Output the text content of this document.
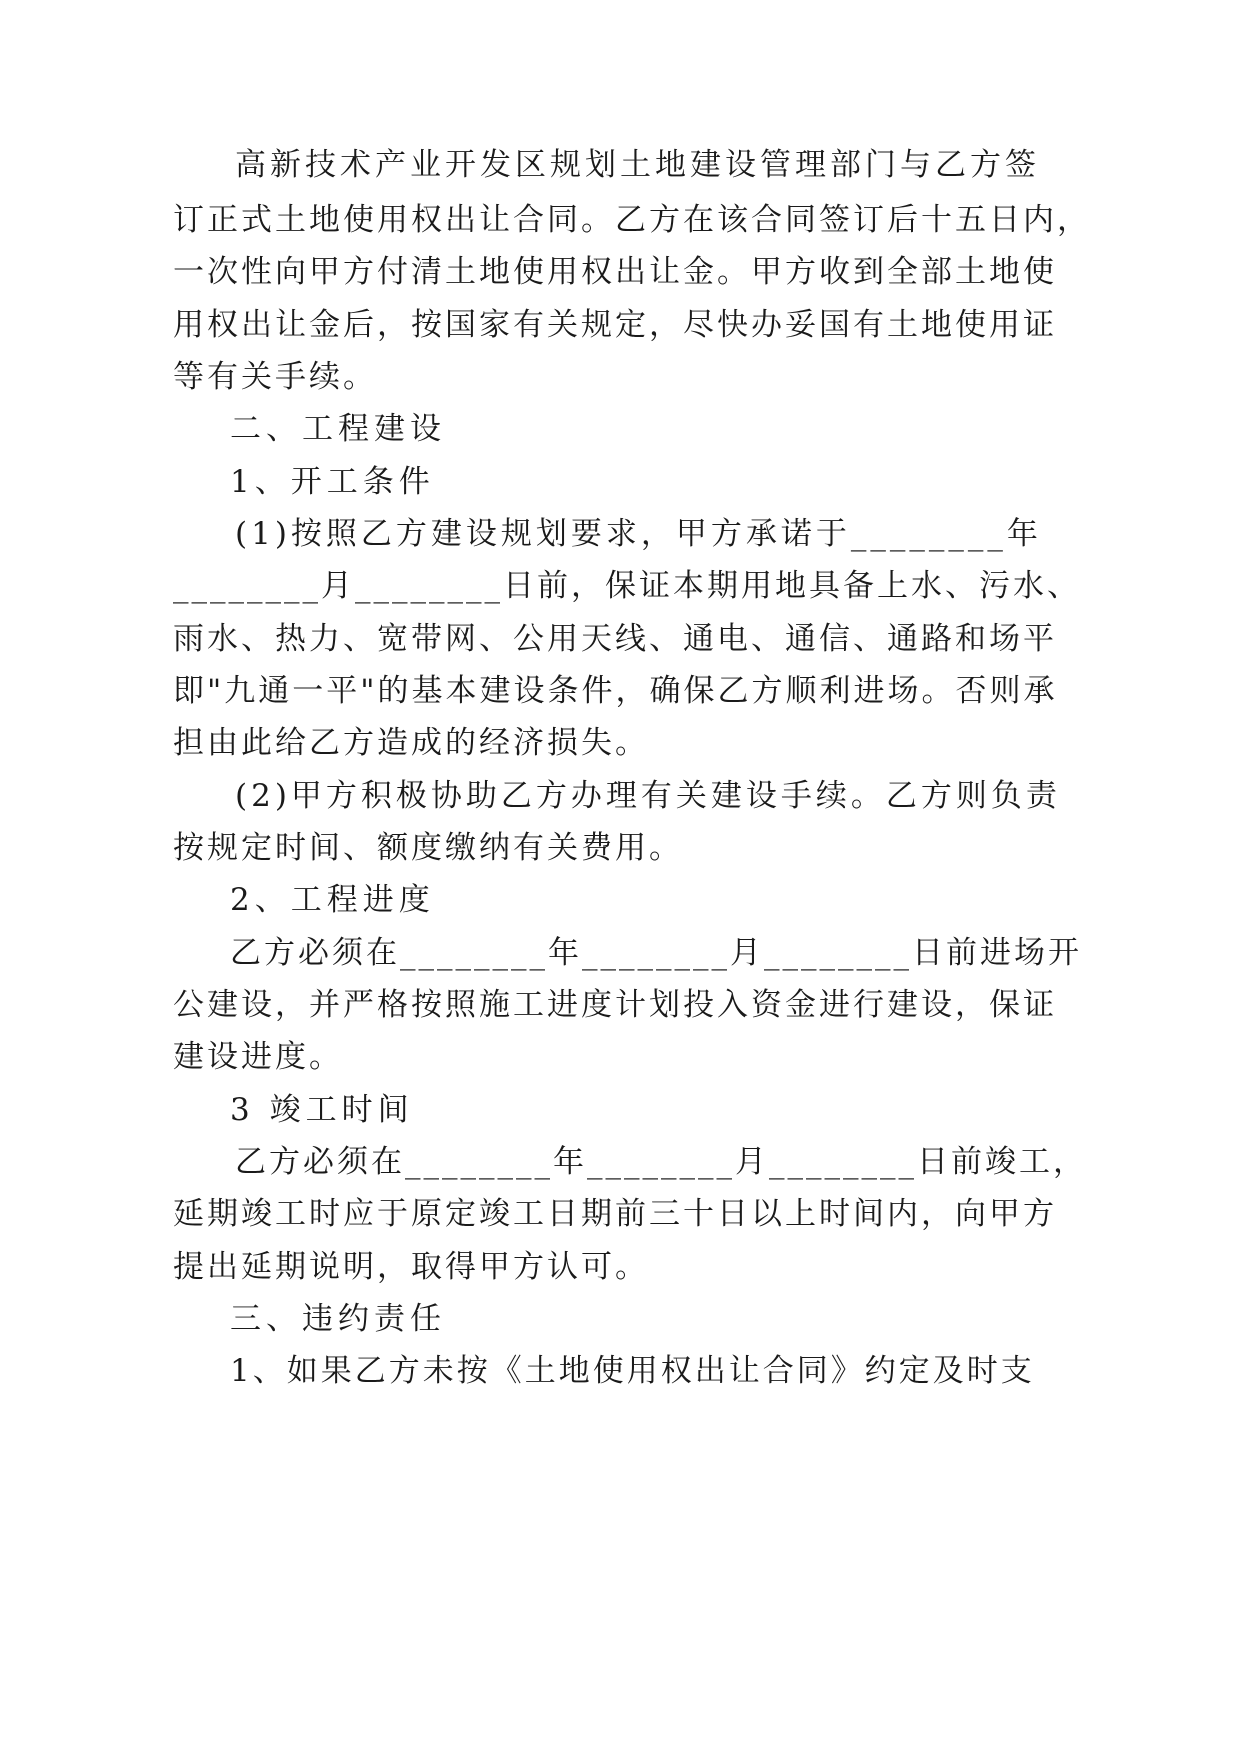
高新技术产业开发区规划土地建设管理部门与乙方签
订正式土地使用权出让合同。乙方在该合同签订后十五日内，
一次性向甲方付清土地使用权出让金。甲方收到全部土地使
用权出让金后，按国家有关规定，尽快办妥国有土地使用证
等有关手续。
二、工程建设
1、开工条件
(1)按照乙方建设规划要求，甲方承诺于________年
________月________日前，保证本期用地具备上水、污水、
雨水、热力、宽带网、公用天线、通电、通信、通路和场平
即"九通一平"的基本建设条件，确保乙方顺利进场。否则承
担由此给乙方造成的经济损失。
(2)甲方积极协助乙方办理有关建设手续。乙方则负责
按规定时间、额度缴纳有关费用。
2、工程进度
乙方必须在________年________月________日前进场开
公建设，并严格按照施工进度计划投入资金进行建设，保证
建设进度。
3 竣工时间
乙方必须在________年________月________日前竣工，
延期竣工时应于原定竣工日期前三十日以上时间内，向甲方
提出延期说明，取得甲方认可。
三、违约责任
1、如果乙方未按《土地使用权出让合同》约定及时支
